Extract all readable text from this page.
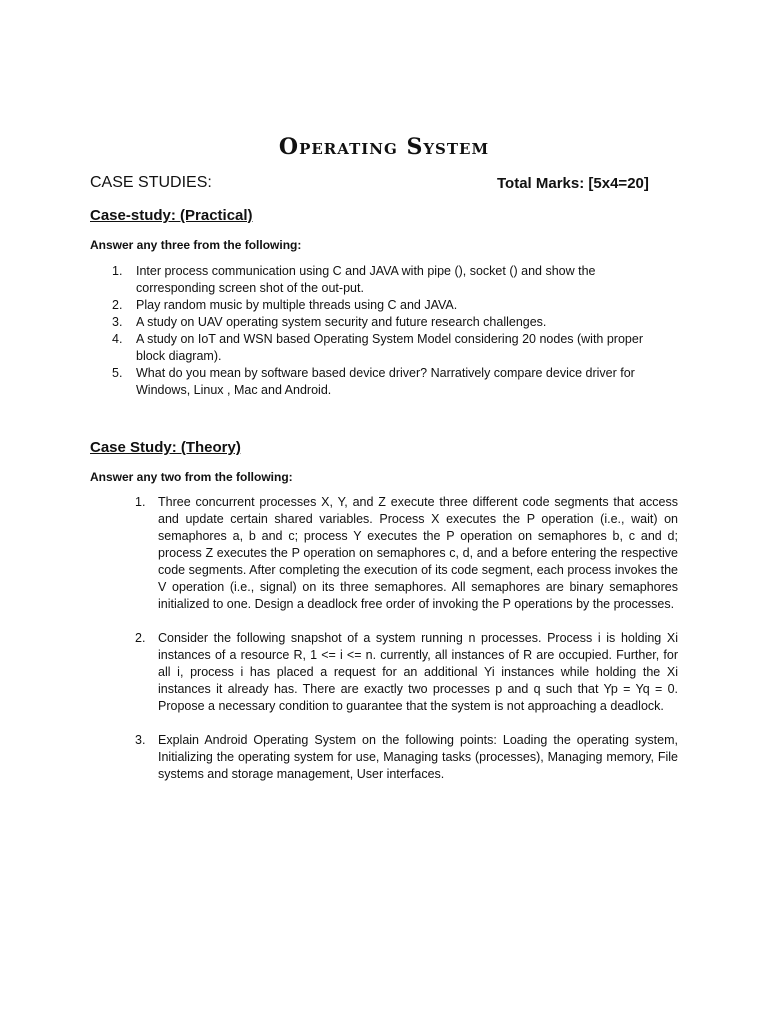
Operating System
CASE STUDIES:	Total Marks: [5x4=20]
Case-study: (Practical)
Answer any three from the following:
1.	Inter process communication using C and JAVA with pipe (), socket () and show the corresponding screen shot of the out-put.
2.	Play random music by multiple threads using C and JAVA.
3.	A study on UAV operating system security and future research challenges.
4.	A study on IoT and WSN based Operating System Model considering 20 nodes (with proper block diagram).
5.	What do you mean by software based device driver? Narratively compare device driver for Windows, Linux , Mac and Android.
Case Study: (Theory)
Answer any two from the following:
1.	Three concurrent processes X, Y, and Z execute three different code segments that access and update certain shared variables. Process X executes the P operation (i.e., wait) on semaphores a, b and c; process Y executes the P operation on semaphores b, c and d; process Z executes the P operation on semaphores c, d, and a before entering the respective code segments. After completing the execution of its code segment, each process invokes the V operation (i.e., signal) on its three semaphores. All semaphores are binary semaphores initialized to one. Design a deadlock free order of invoking the P operations by the processes.
2.	Consider the following snapshot of a system running n processes. Process i is holding Xi instances of a resource R, 1 <= i <= n. currently, all instances of R are occupied. Further, for all i, process i has placed a request for an additional Yi instances while holding the Xi instances it already has. There are exactly two processes p and q such that Yp = Yq = 0. Propose a necessary condition to guarantee that the system is not approaching a deadlock.
3.	Explain Android Operating System on the following points: Loading the operating system, Initializing the operating system for use, Managing tasks (processes), Managing memory, File systems and storage management, User interfaces.
